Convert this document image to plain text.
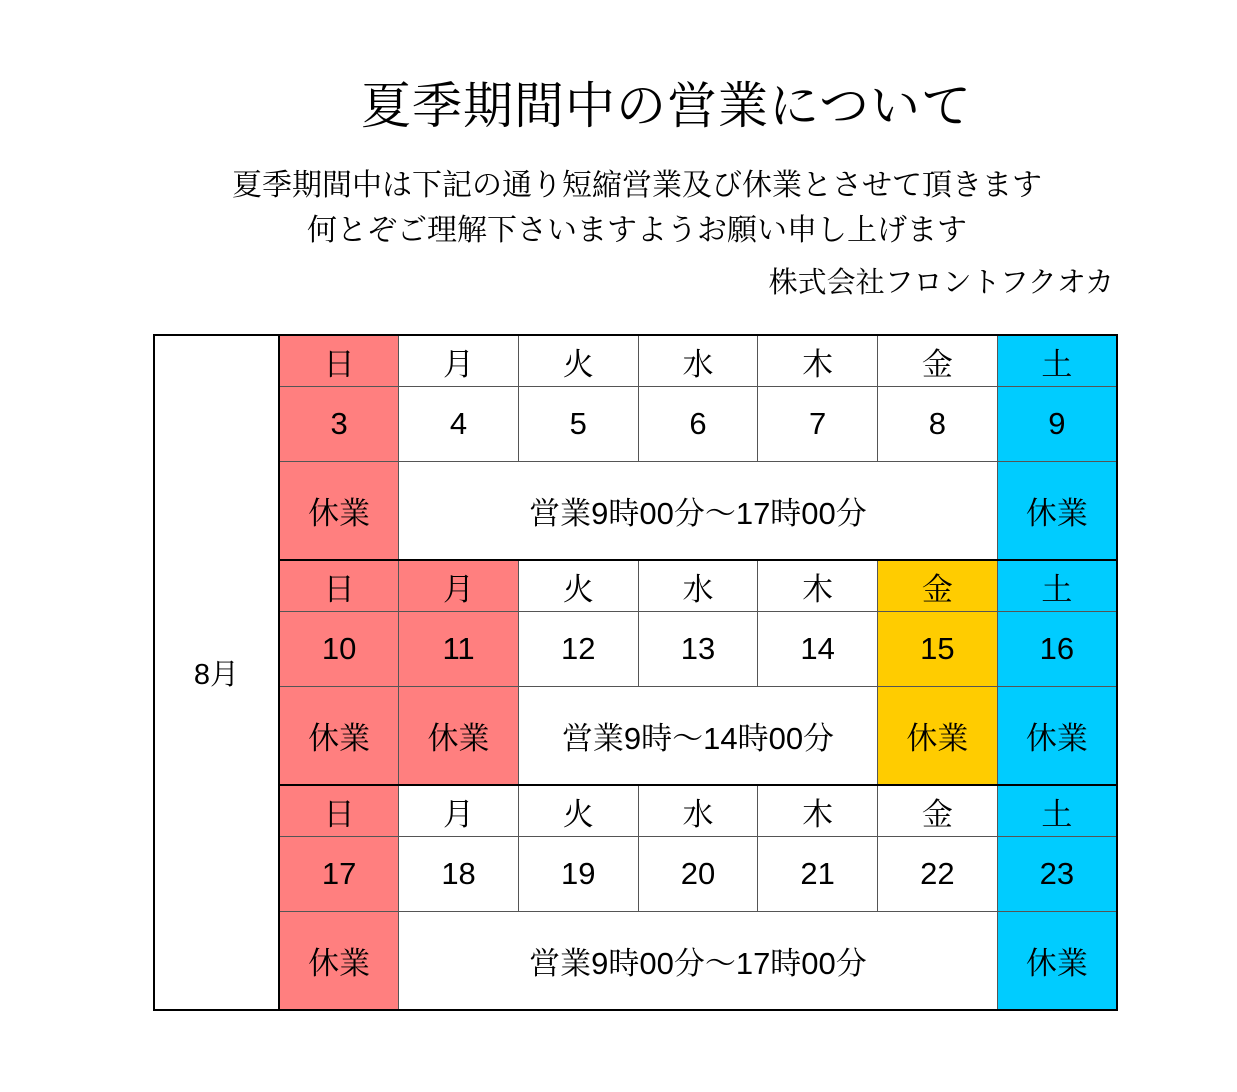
夏季期間中の営業について
夏季期間中は下記の通り短縮営業及び休業とさせて頂きます
何とぞご理解下さいますようお願い申し上げます
株式会社フロントフクオカ
8月	日	月	火	水	木	金	土
	3	4	5	6	7	8	9
	休業	営業9時00分～17時00分					休業
	日	月	火	水	木	金	土
	10	11	12	13	14	15	16
	休業	休業	営業9時～14時00分			休業	休業
	日	月	火	水	木	金	土
	17	18	19	20	21	22	23
	休業	営業9時00分～17時00分					休業
